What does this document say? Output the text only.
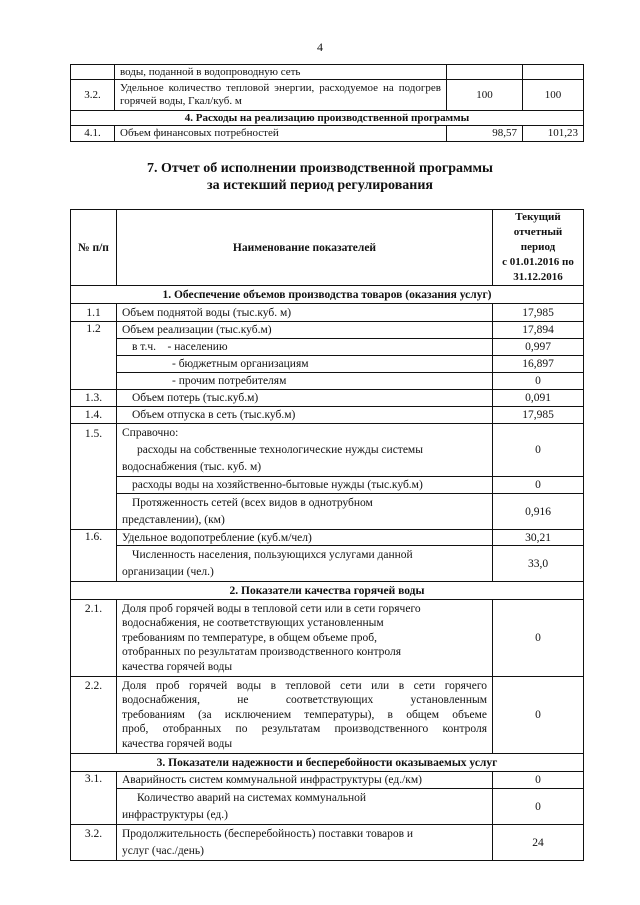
4
	воды, поданной в водопроводную сеть		
3.2.	Удельное количество тепловой энергии, расходуемое на подогрев горячей воды, Гкал/куб. м	100	100
4. Расходы на реализацию производственной программы			
4.1.	Объем финансовых потребностей	98,57	101,23
7. Отчет об исполнении производственной программы
за истекший период регулирования
№ п/п	Наименование показателей	Текущий
отчетный период
с 01.01.2016 по
31.12.2016

1. Обеспечение объемов производства товаров (оказания услуг)		
1.1	Объем поднятой воды (тыс.куб. м)	17,985
1.2	Объем реализации (тыс.куб.м)	17,894
	в т.ч. - населению	0,997
	- бюджетным организациям	16,897
	- прочим потребителям	0
1.3.	Объем потерь (тыс.куб.м)	0,091
1.4.	Объем отпуска в сеть (тыс.куб.м)	17,985
1.5.	Справочно:
расходы на собственные технологические нужды системы
водоснабжения (тыс. куб. м)	0
	расходы воды на хозяйственно-бытовые нужды (тыс.куб.м)	0

	Протяженность сетей (всех видов в однотрубном
представлении), (км)	0,916
1.6.	Удельное водопотребление (куб.м/чел)	30,21

	Численность населения, пользующихся услугами данной
организации (чел.)	33,0
2. Показатели качества горячей воды		
2.1.	Доля проб горячей воды в тепловой сети или в сети горячего
водоснабжения, не соответствующих установленным
требованиям по температуре, в общем объеме проб,
отобранных по результатам производственного контроля
качества горячей воды	0
2.2.	Доля проб горячей воды в тепловой сети или в сети горячего
водоснабжения, не соответствующих установленным
требованиям (за исключением температуры), в общем объеме
проб, отобранных по результатам производственного контроля
качества горячей воды	0
3. Показатели надежности и бесперебойности оказываемых услуг		
3.1.	Аварийность систем коммунальной инфраструктуры (ед./км)	0

	Количество аварий на системах коммунальной
инфраструктуры (ед.)	0
3.2.	Продолжительность (бесперебойность) поставки товаров и
услуг (час./день)	24
